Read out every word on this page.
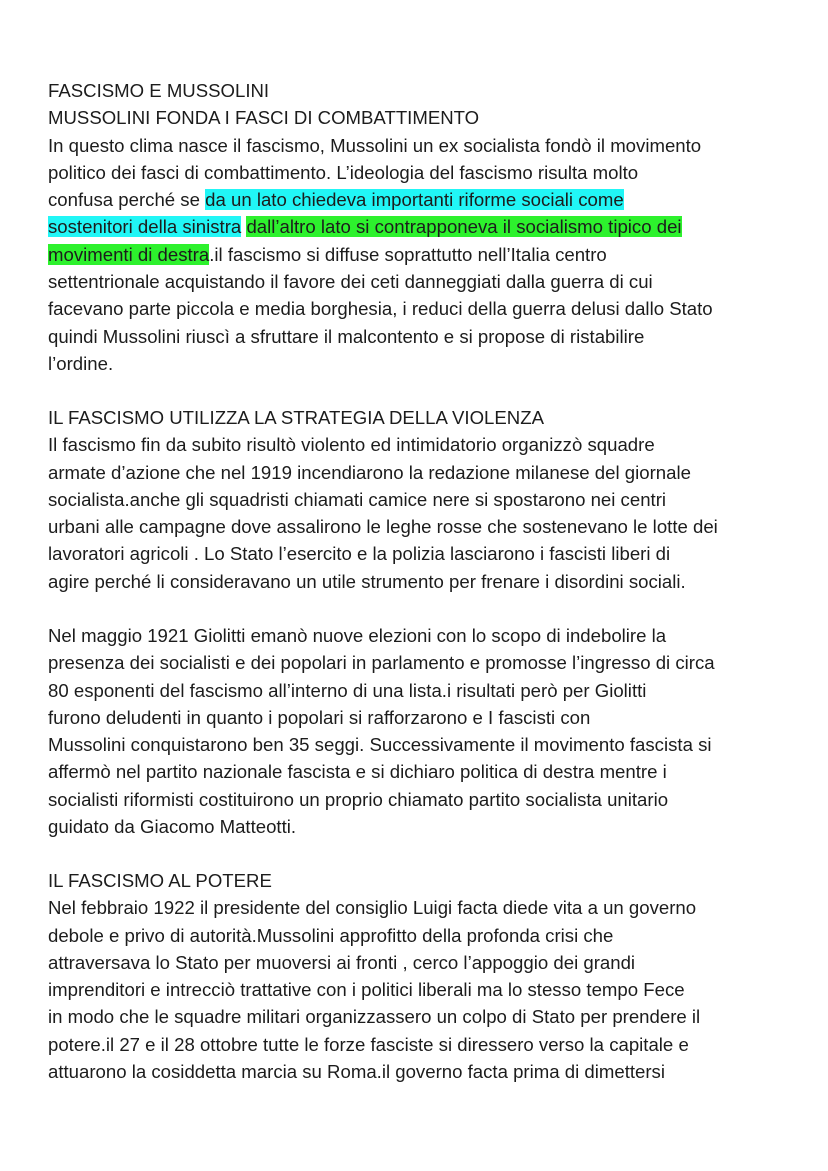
FASCISMO E MUSSOLINI
MUSSOLINI FONDA I FASCI DI COMBATTIMENTO
In questo clima nasce il fascismo, Mussolini un ex socialista fondò il movimento
politico dei fasci di combattimento. L’ideologia del fascismo risulta molto
confusa perché se da un lato chiedeva importanti riforme sociali come
sostenitori della sinistra dall’altro lato si contrapponeva il socialismo tipico dei
movimenti di destra.il fascismo si diffuse soprattutto nell’Italia centro
settentrionale acquistando il favore dei ceti danneggiati dalla guerra di cui
facevano parte piccola e media borghesia, i reduci della guerra delusi dallo Stato
quindi Mussolini riuscì a sfruttare il malcontento e si propose di ristabilire
l’ordine.
IL FASCISMO UTILIZZA LA STRATEGIA DELLA VIOLENZA
Il fascismo fin da subito risultò violento ed intimidatorio organizzò squadre
armate d’azione che nel 1919 incendiarono la redazione milanese del giornale
socialista.anche gli squadristi chiamati camice nere si spostarono nei centri
urbani alle campagne dove assalirono le leghe rosse che sostenevano le lotte dei
lavoratori agricoli . Lo Stato l’esercito e la polizia lasciarono i fascisti liberi di
agire perché li consideravano un utile strumento per frenare i disordini sociali.
Nel maggio 1921 Giolitti emanò nuove elezioni con lo scopo di indebolire la
presenza dei socialisti e dei popolari in parlamento e promosse l’ingresso di circa
80 esponenti del fascismo all’interno di una lista.i risultati però per Giolitti
furono deludenti in quanto i popolari si rafforzarono e I fascisti con
Mussolini conquistarono ben 35 seggi. Successivamente il movimento fascista si
affermò nel partito nazionale fascista e si dichiaro politica di destra mentre i
socialisti riformisti costituirono un proprio chiamato partito socialista unitario
guidato da Giacomo Matteotti.
IL FASCISMO AL POTERE
Nel febbraio 1922 il presidente del consiglio Luigi facta diede vita a un governo
debole e privo di autorità.Mussolini approfitto della profonda crisi che
attraversava lo Stato per muoversi ai fronti , cerco l’appoggio dei grandi
imprenditori e intrecciò trattative con i politici liberali ma lo stesso tempo Fece
in modo che le squadre militari organizzassero un colpo di Stato per prendere il
potere.il 27 e il 28 ottobre tutte le forze fasciste si diressero verso la capitale e
attuarono la cosiddetta marcia su Roma.il governo facta prima di dimettersi
